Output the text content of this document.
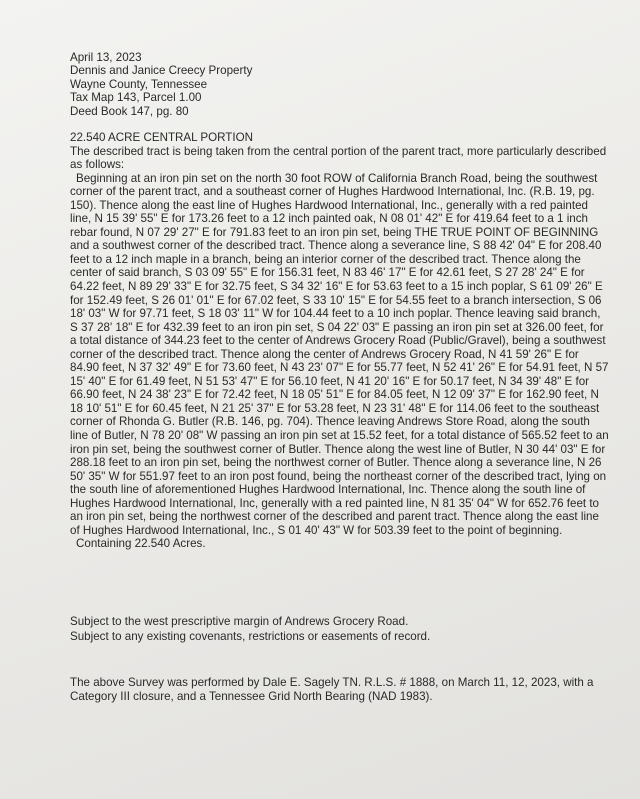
April 13, 2023
Dennis and Janice Creecy Property
Wayne County, Tennessee
Tax Map 143, Parcel 1.00
Deed Book 147, pg. 80
22.540 ACRE CENTRAL PORTION

The described tract is being taken from the central portion of the parent tract, more particularly described as follows:

Beginning at an iron pin set on the north 30 foot ROW of California Branch Road, being the southwest corner of the parent tract, and a southeast corner of Hughes Hardwood International, Inc. (R.B. 19, pg. 150). Thence along the east line of Hughes Hardwood International, Inc., generally with a red painted line, N 15 39' 55" E for 173.26 feet to a 12 inch painted oak, N 08 01' 42" E for 419.64 feet to a 1 inch rebar found, N 07 29' 27" E for 791.83 feet to an iron pin set, being THE TRUE POINT OF BEGINNING and a southwest corner of the described tract. Thence along a severance line, S 88 42' 04" E for 208.40 feet to a 12 inch maple in a branch, being an interior corner of the described tract. Thence along the center of said branch, S 03 09' 55" E for 156.31 feet, N 83 46' 17" E for 42.61 feet, S 27 28' 24" E for 64.22 feet, N 89 29' 33" E for 32.75 feet, S 34 32' 16" E for 53.63 feet to a 15 inch poplar, S 61 09' 26" E for 152.49 feet, S 26 01' 01" E for 67.02 feet, S 33 10' 15" E for 54.55 feet to a branch intersection, S 06 18' 03" W for 97.71 feet, S 18 03' 11" W for 104.44 feet to a 10 inch poplar. Thence leaving said branch, S 37 28' 18" E for 432.39 feet to an iron pin set, S 04 22' 03" E passing an iron pin set at 326.00 feet, for a total distance of 344.23 feet to the center of Andrews Grocery Road (Public/Gravel), being a southwest corner of the described tract. Thence along the center of Andrews Grocery Road, N 41 59' 26" E for 84.90 feet, N 37 32' 49" E for 73.60 feet, N 43 23' 07" E for 55.77 feet, N 52 41' 26" E for 54.91 feet, N 57 15' 40" E for 61.49 feet, N 51 53' 47" E for 56.10 feet, N 41 20' 16" E for 50.17 feet, N 34 39' 48" E for 66.90 feet, N 24 38' 23" E for 72.42 feet, N 18 05' 51" E for 84.05 feet, N 12 09' 37" E for 162.90 feet, N 18 10' 51" E for 60.45 feet, N 21 25' 37" E for 53.28 feet, N 23 31' 48" E for 114.06 feet to the southeast corner of Rhonda G. Butler (R.B. 146, pg. 704). Thence leaving Andrews Store Road, along the south line of Butler, N 78 20' 08" W passing an iron pin set at 15.52 feet, for a total distance of 565.52 feet to an iron pin set, being the southwest corner of Butler. Thence along the west line of Butler, N 30 44' 03" E for 288.18 feet to an iron pin set, being the northwest corner of Butler. Thence along a severance line, N 26 50' 35" W for 551.97 feet to an iron post found, being the northeast corner of the described tract, lying on the south line of aforementioned Hughes Hardwood International, Inc. Thence along the south line of Hughes Hardwood International, Inc, generally with a red painted line, N 81 35' 04" W for 652.76 feet to an iron pin set, being the northwest corner of the described and parent tract. Thence along the east line of Hughes Hardwood International, Inc., S 01 40' 43" W for 503.39 feet to the point of beginning.

Containing 22.540 Acres.

Subject to the west prescriptive margin of Andrews Grocery Road.
Subject to any existing covenants, restrictions or easements of record.
The above Survey was performed by Dale E. Sagely TN. R.L.S. # 1888, on March 11, 12, 2023, with a Category III closure, and a Tennessee Grid North Bearing (NAD 1983).
